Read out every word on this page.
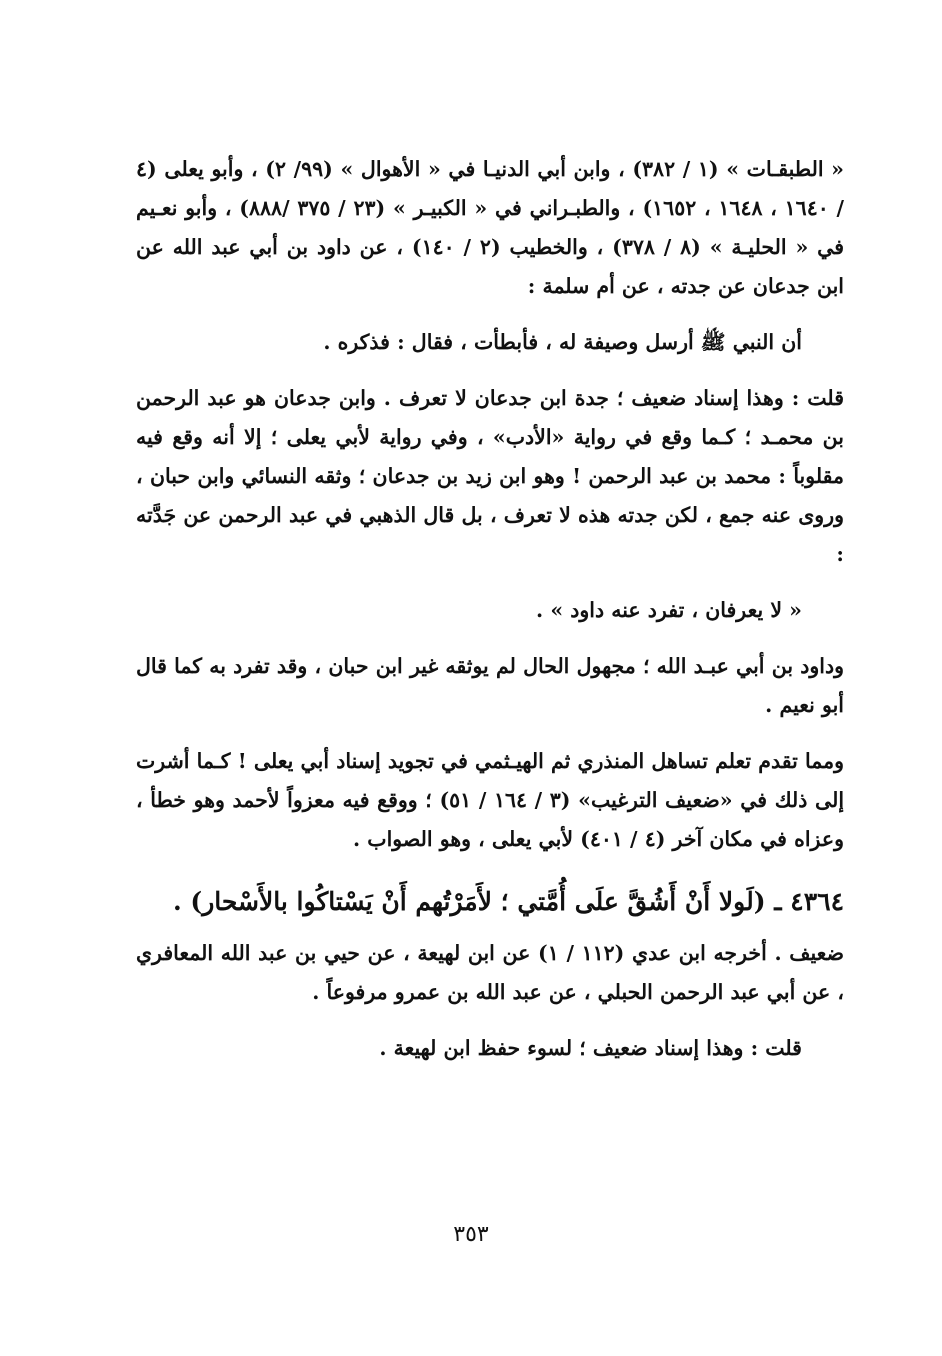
« الطبقـات » (١ / ٣٨٢) ، وابن أبي الدنيـا في « الأهوال » (٩٩/ ٢) ، وأبو يعلى (٤ / ١٦٤٠ ، ١٦٤٨ ، ١٦٥٢) ، والطبـراني في « الكبيـر » (٢٣ / ٣٧٥ /٨٨٨) ، وأبو نعـيم في « الحليـة » (٨ / ٣٧٨) ، والخطيب (٢ / ١٤٠) ، عن داود بن أبي عبد الله عن ابن جدعان عن جدته ، عن أم سلمة :

أن النبي ﷺ أرسل وصيفة له ، فأبطأت ، فقال : فذكره .

قلت : وهذا إسناد ضعيف ؛ جدة ابن جدعان لا تعرف . وابن جدعان هو عبد الرحمن بن محمـد ؛ كـما وقع في رواية «الأدب» ، وفي رواية لأبي يعلى ؛ إلا أنه وقع فيه مقلوباً : محمد بن عبد الرحمن ! وهو ابن زيد بن جدعان ؛ وثقه النسائي وابن حبان ، وروى عنه جمع ، لكن جدته هذه لا تعرف ، بل قال الذهبي في عبد الرحمن عن جَدَّته :

« لا يعرفان ، تفرد عنه داود » .

وداود بن أبي عبـد الله ؛ مجهول الحال لم يوثقه غير ابن حبان ، وقد تفرد به كما قال أبو نعيم .

ومما تقدم تعلم تساهل المنذري ثم الهيـثمي في تجويد إسناد أبي يعلى ! كـما أشرت إلى ذلك في «ضعيف الترغيب» (٣ / ١٦٤ / ٥١) ؛ ووقع فيه معزواً لأحمد وهو خطأ ، وعزاه في مكان آخر (٤ / ٤٠١) لأبي يعلى ، وهو الصواب .

٤٣٦٤ ـ (لَولا أَنْ أَشُقَّ علَى أُمَّتي ؛ لأَمَرْتُهم أَنْ يَسْتاكُوا بالأَسْحار) .

ضعيف . أخرجه ابن عدي (١١٢ / ١) عن ابن لهيعة ، عن حيي بن عبد الله المعافري ، عن أبي عبد الرحمن الحبلي ، عن عبد الله بن عمرو مرفوعاً .

قلت : وهذا إسناد ضعيف ؛ لسوء حفظ ابن لهيعة .

٣٥٣
